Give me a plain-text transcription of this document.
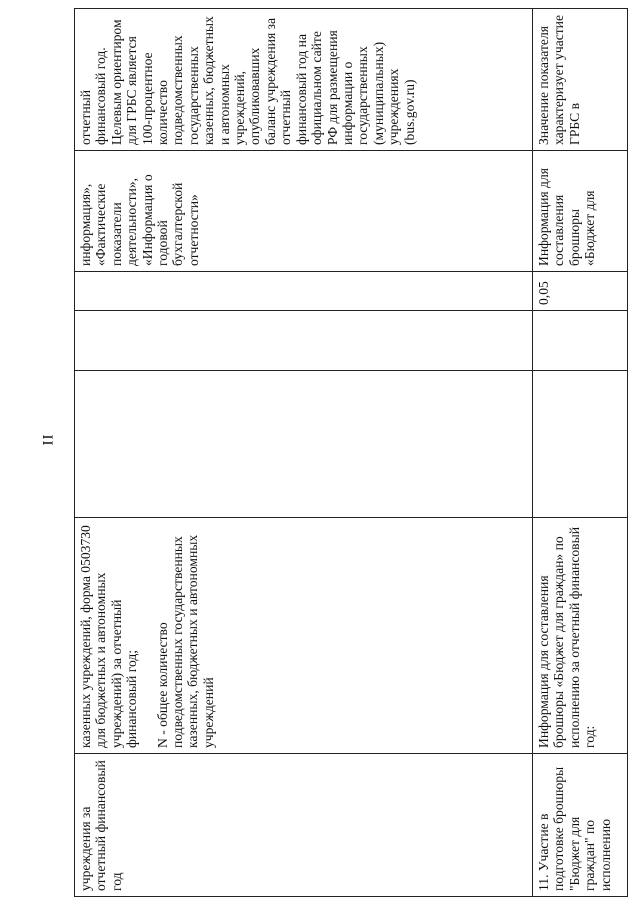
II
учреждения за отчетный финансовый год	казенных учреждений, форма 0503730 для бюджетных и автономных учреждений) за отчетный финансовый год; N - общее количество подведомственных государственных казенных, бюджетных и автономных учреждений				информация», «Фактические показатели деятельности», «Информация о годовой бухгалтерской отчетности»	отчетный финансовый год. Целевым ориентиром для ГРБС является 100-процентное количество подведомственных государственных казенных, бюджетных и автономных учреждений, опубликовавших баланс учреждения за отчетный финансовый год на официальном сайте РФ для размещения информации о государственных (муниципальных) учреждениях (bus.gov.ru)
11. Участие в подготовке брошюры "Бюджет для граждан" по исполнению	Информация для составления брошюры «Бюджет для граждан» по исполнению за отчетный финансовый год:			0,05	Информация для составления брошюры «Бюджет для	Значение показателя характеризует участие ГРБС в
